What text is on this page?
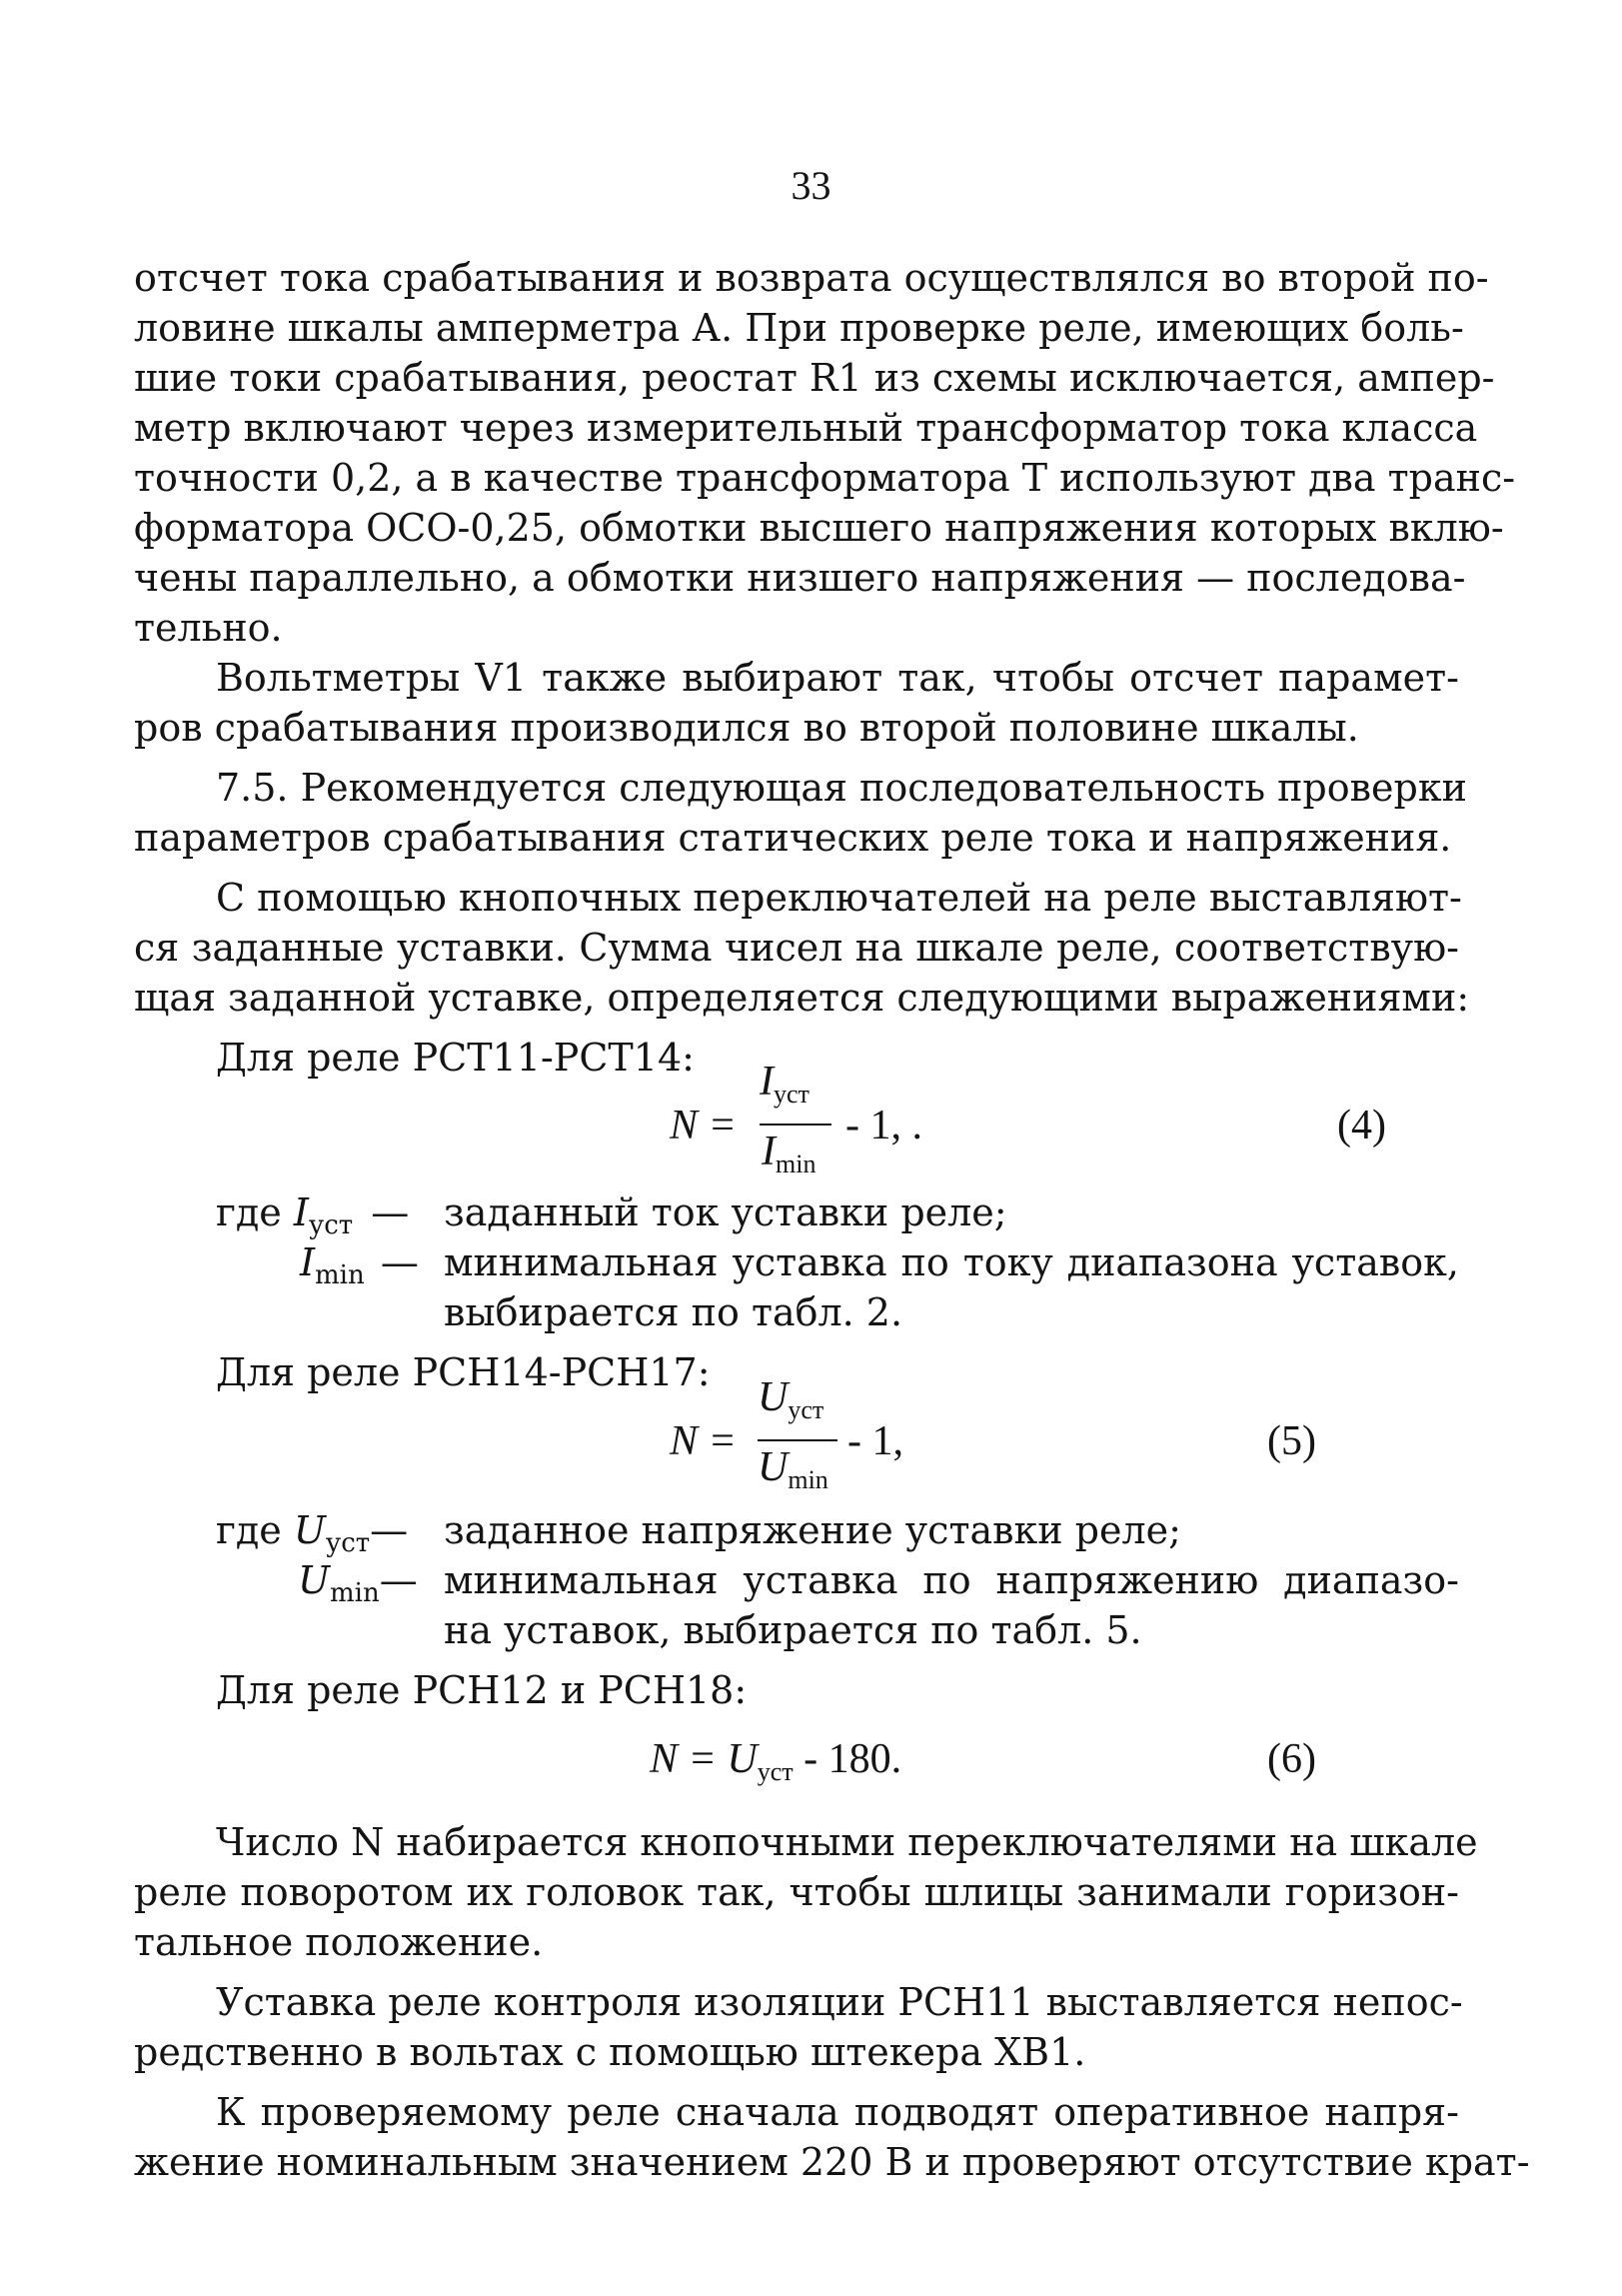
33
отсчет тока срабатывания и возврата осуществлялся во второй по-
ловине шкалы амперметра А. При проверке реле, имеющих боль-
шие токи срабатывания, реостат R1 из схемы исключается, ампер-
метр включают через измерительный трансформатор тока класса
точности 0,2, а в качестве трансформатора Т используют два транс-
форматора ОСО-0,25, обмотки высшего напряжения которых вклю-
чены параллельно, а обмотки низшего напряжения — последова-
тельно.
Вольтметры V1 также выбирают так, чтобы отсчет парамет-
ров срабатывания производился во второй половине шкалы.
7.5. Рекомендуется следующая последовательность проверки
параметров срабатывания статических реле тока и напряжения.
С помощью кнопочных переключателей на реле выставляют-
ся заданные уставки. Сумма чисел на шкале реле, соответствую-
щая заданной уставке, определяется следующими выражениями:
Для реле РСТ11-РСТ14:
N =
$I_{уст}$
$I_{min}$
- 1, .	(4)
где $I_{уст}$ — заданный ток уставки реле;
$I_{min}$ — минимальная уставка по току диапазона уставок,
выбирается по табл. 2.
Для реле РСН14-РСН17:
N =
$U_{уст}$
$U_{min}$
- 1,	(5)
где $U_{уст}—$ заданное напряжение уставки реле;
$U_{min}—$ минимальная уставка по напряжению диапазо-
на уставок, выбирается по табл. 5.
Для реле РСН12 и РСН18:
$N = U_{уст} - 180$.	(6)
Число N набирается кнопочными переключателями на шкале
реле поворотом их головок так, чтобы шлицы занимали горизон-
тальное положение.
Уставка реле контроля изоляции РСН11 выставляется непос-
редственно в вольтах с помощью штекера ХВ1.
К проверяемому реле сначала подводят оперативное напря-
жение номинальным значением 220 В и проверяют отсутствие крат-
